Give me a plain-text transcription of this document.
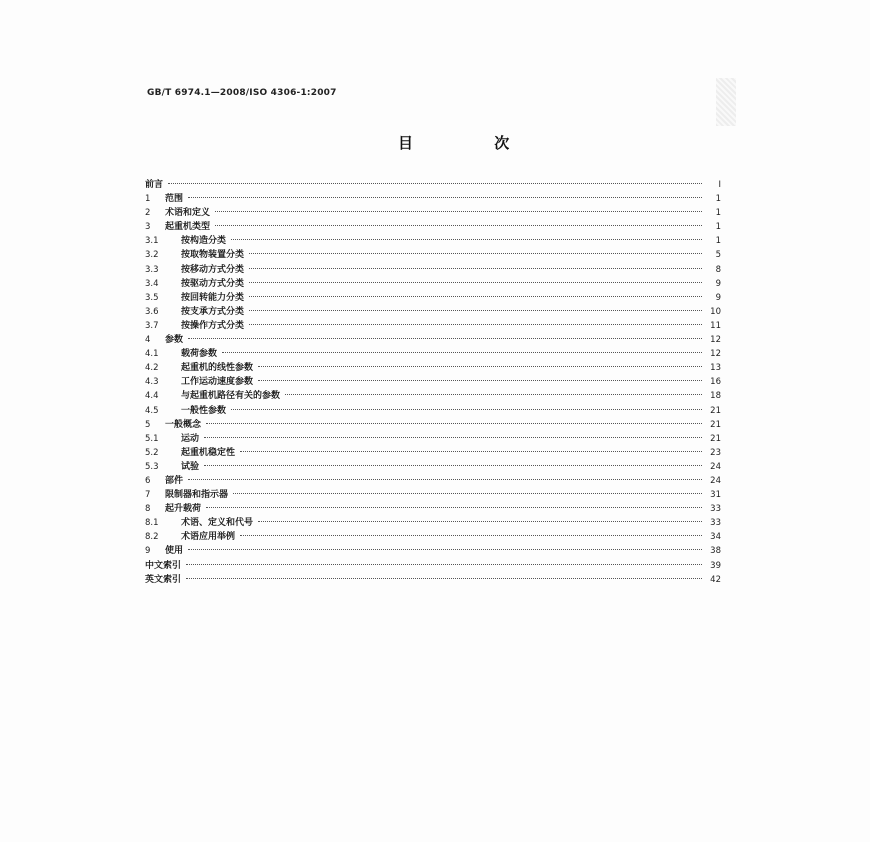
GB/T 6974.1—2008/ISO 4306-1:2007
目 次
前言	I
1	范围	1
2	术语和定义	1
3	起重机类型	1
3.1	按构造分类	1
3.2	按取物装置分类	5
3.3	按移动方式分类	8
3.4	按驱动方式分类	9
3.5	按回转能力分类	9
3.6	按支承方式分类	10
3.7	按操作方式分类	11
4	参数	12
4.1	载荷参数	12
4.2	起重机的线性参数	13
4.3	工作运动速度参数	16
4.4	与起重机路径有关的参数	18
4.5	一般性参数	21
5	一般概念	21
5.1	运动	21
5.2	起重机稳定性	23
5.3	试验	24
6	部件	24
7	限制器和指示器	31
8	起升载荷	33
8.1	术语、定义和代号	33
8.2	术语应用举例	34
9	使用	38
中文索引	39
英文索引	42
